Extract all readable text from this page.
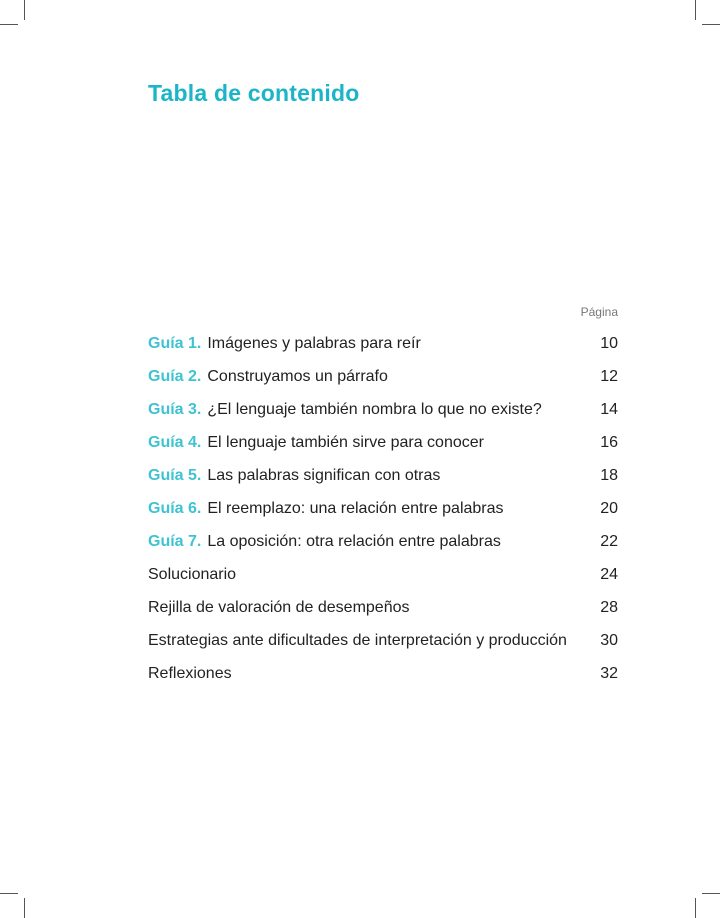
Tabla de contenido
Página
Guía 1. Imágenes y palabras para reír	10
Guía 2. Construyamos un párrafo	12
Guía 3. ¿El lenguaje también nombra lo que no existe?	14
Guía 4. El lenguaje también sirve para conocer	16
Guía 5. Las palabras significan con otras	18
Guía 6. El reemplazo: una relación entre palabras	20
Guía 7. La oposición: otra relación entre palabras	22
Solucionario	24
Rejilla de valoración de desempeños	28
Estrategias ante dificultades de interpretación y producción 30
Reflexiones	32
